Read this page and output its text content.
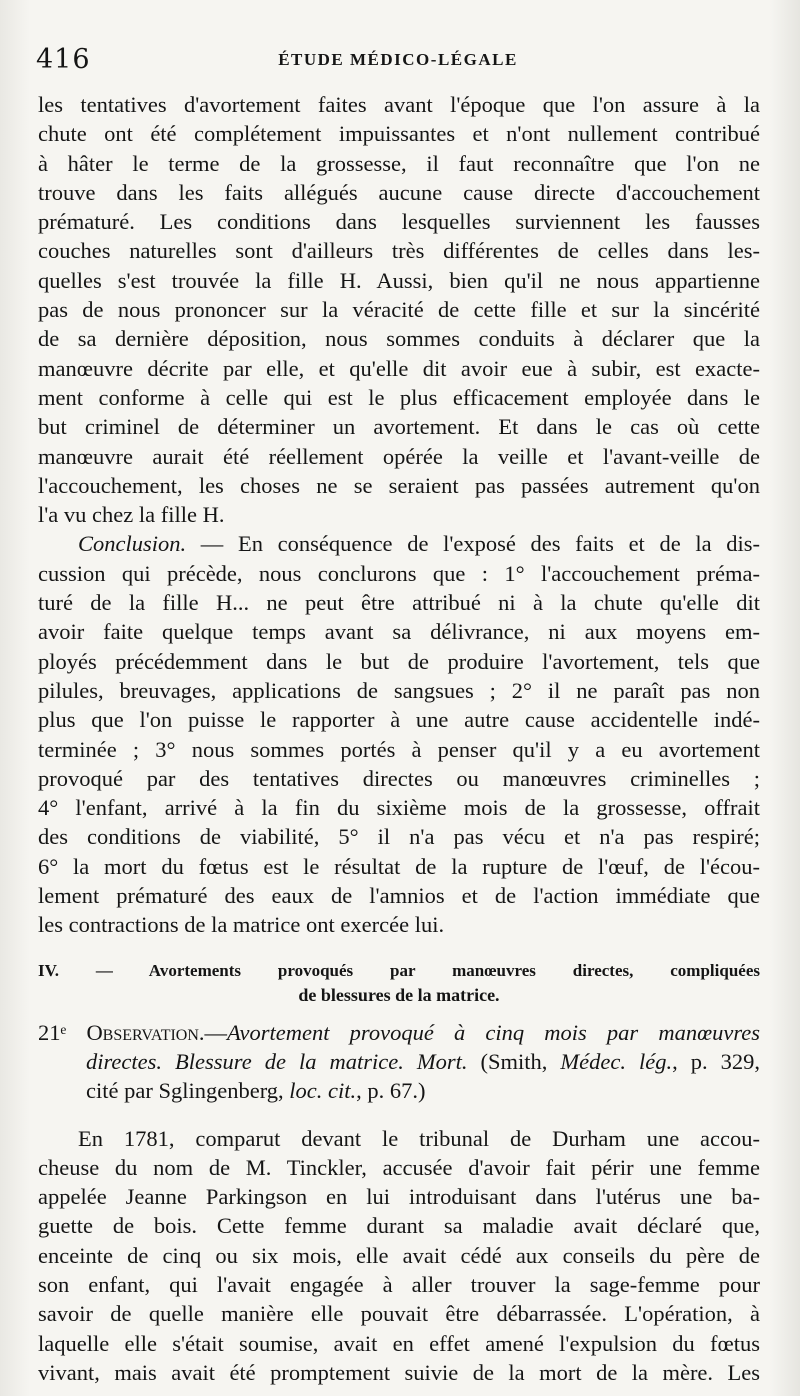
416	ÉTUDE MÉDICO-LÉGALE
les tentatives d'avortement faites avant l'époque que l'on assure à la
chute ont été complétement impuissantes et n'ont nullement contribué
à hâter le terme de la grossesse, il faut reconnaître que l'on ne
trouve dans les faits allégués aucune cause directe d'accouchement
prématuré. Les conditions dans lesquelles surviennent les fausses
couches naturelles sont d'ailleurs très différentes de celles dans les-
quelles s'est trouvée la fille H. Aussi, bien qu'il ne nous appartienne
pas de nous prononcer sur la véracité de cette fille et sur la sincérité
de sa dernière déposition, nous sommes conduits à déclarer que la
manœuvre décrite par elle, et qu'elle dit avoir eue à subir, est exacte-
ment conforme à celle qui est le plus efficacement employée dans le
but criminel de déterminer un avortement. Et dans le cas où cette
manœuvre aurait été réellement opérée la veille et l'avant-veille de
l'accouchement, les choses ne se seraient pas passées autrement qu'on
l'a vu chez la fille H.
Conclusion. — En conséquence de l'exposé des faits et de la dis-
cussion qui précède, nous conclurons que : 1° l'accouchement préma-
turé de la fille H... ne peut être attribué ni à la chute qu'elle dit
avoir faite quelque temps avant sa délivrance, ni aux moyens em-
ployés précédemment dans le but de produire l'avortement, tels que
pilules, breuvages, applications de sangsues ; 2° il ne paraît pas non
plus que l'on puisse le rapporter à une autre cause accidentelle indé-
terminée ; 3° nous sommes portés à penser qu'il y a eu avortement
provoqué par des tentatives directes ou manœuvres criminelles ;
4° l'enfant, arrivé à la fin du sixième mois de la grossesse, offrait
des conditions de viabilité, 5° il n'a pas vécu et n'a pas respiré;
6° la mort du fœtus est le résultat de la rupture de l'œuf, de l'écou-
lement prématuré des eaux de l'amnios et de l'action immédiate que
les contractions de la matrice ont exercée lui.
IV. — Avortements provoqués par manœuvres directes, compliquées
de blessures de la matrice.
21ᵉ Observation.—Avortement provoqué à cinq mois par manœuvres
directes. Blessure de la matrice. Mort. (Smith, Médec. lég., p. 329,
cité par Sglingenberg, loc. cit., p. 67.)
En 1781, comparut devant le tribunal de Durham une accou-
cheuse du nom de M. Tinckler, accusée d'avoir fait périr une femme
appelée Jeanne Parkingson en lui introduisant dans l'utérus une ba-
guette de bois. Cette femme durant sa maladie avait déclaré que,
enceinte de cinq ou six mois, elle avait cédé aux conseils du père de
son enfant, qui l'avait engagée à aller trouver la sage-femme pour
savoir de quelle manière elle pouvait être débarrassée. L'opération, à
laquelle elle s'était soumise, avait en effet amené l'expulsion du fœtus
vivant, mais avait été promptement suivie de la mort de la mère. Les
